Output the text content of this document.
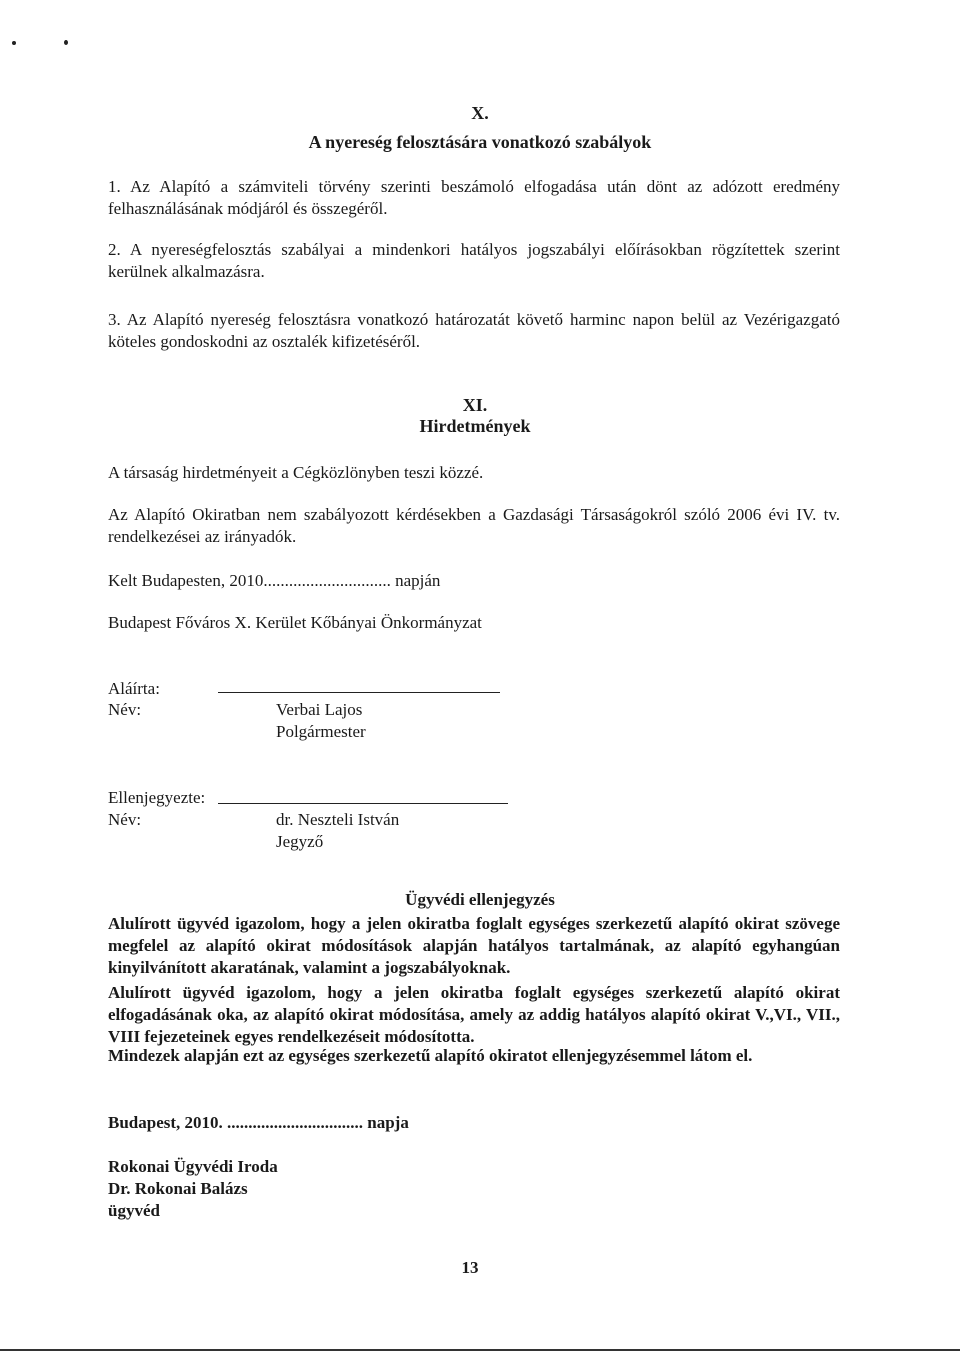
X.
A nyereség felosztására vonatkozó szabályok
1. Az Alapító a számviteli törvény szerinti beszámoló elfogadása után dönt az adózott eredmény felhasználásának módjáról és összegéről.
2. A nyereségfelosztás szabályai a mindenkori hatályos jogszabályi előírásokban rögzítettek szerint kerülnek alkalmazásra.
3. Az Alapító nyereség felosztásra vonatkozó határozatát követő harminc napon belül az Vezérigazgató köteles gondoskodni az osztalék kifizetéséről.
XI.
Hirdetmények
A társaság hirdetményeit a Cégközlönyben teszi közzé.
Az Alapító Okiratban nem szabályozott kérdésekben a Gazdasági Társaságokról szóló 2006 évi IV. tv. rendelkezései az irányadók.
Kelt Budapesten, 2010.............................. napján
Budapest Főváros X. Kerület Kőbányai Önkormányzat
Aláírta:
Név:	Verbai Lajos
Polgármester
Ellenjegyezte:
Név:	dr. Neszteli István
Jegyző
Ügyvédi ellenjegyzés
Alulírott ügyvéd igazolom, hogy a jelen okiratba foglalt egységes szerkezetű alapító okirat szövege megfelel az alapító okirat módosítások alapján hatályos tartalmának, az alapító egyhangúan kinyilvánított akaratának, valamint a jogszabályoknak.
Alulírott ügyvéd igazolom, hogy a jelen okiratba foglalt egységes szerkezetű alapító okirat elfogadásának oka, az alapító okirat módosítása, amely az addig hatályos alapító okirat V.,VI., VII., VIII fejezeteinek egyes rendelkezéseit módosította.
Mindezek alapján ezt az egységes szerkezetű alapító okiratot ellenjegyzésemmel látom el.
Budapest, 2010. ................................ napja
Rokonai Ügyvédi Iroda
Dr. Rokonai Balázs
ügyvéd
13
